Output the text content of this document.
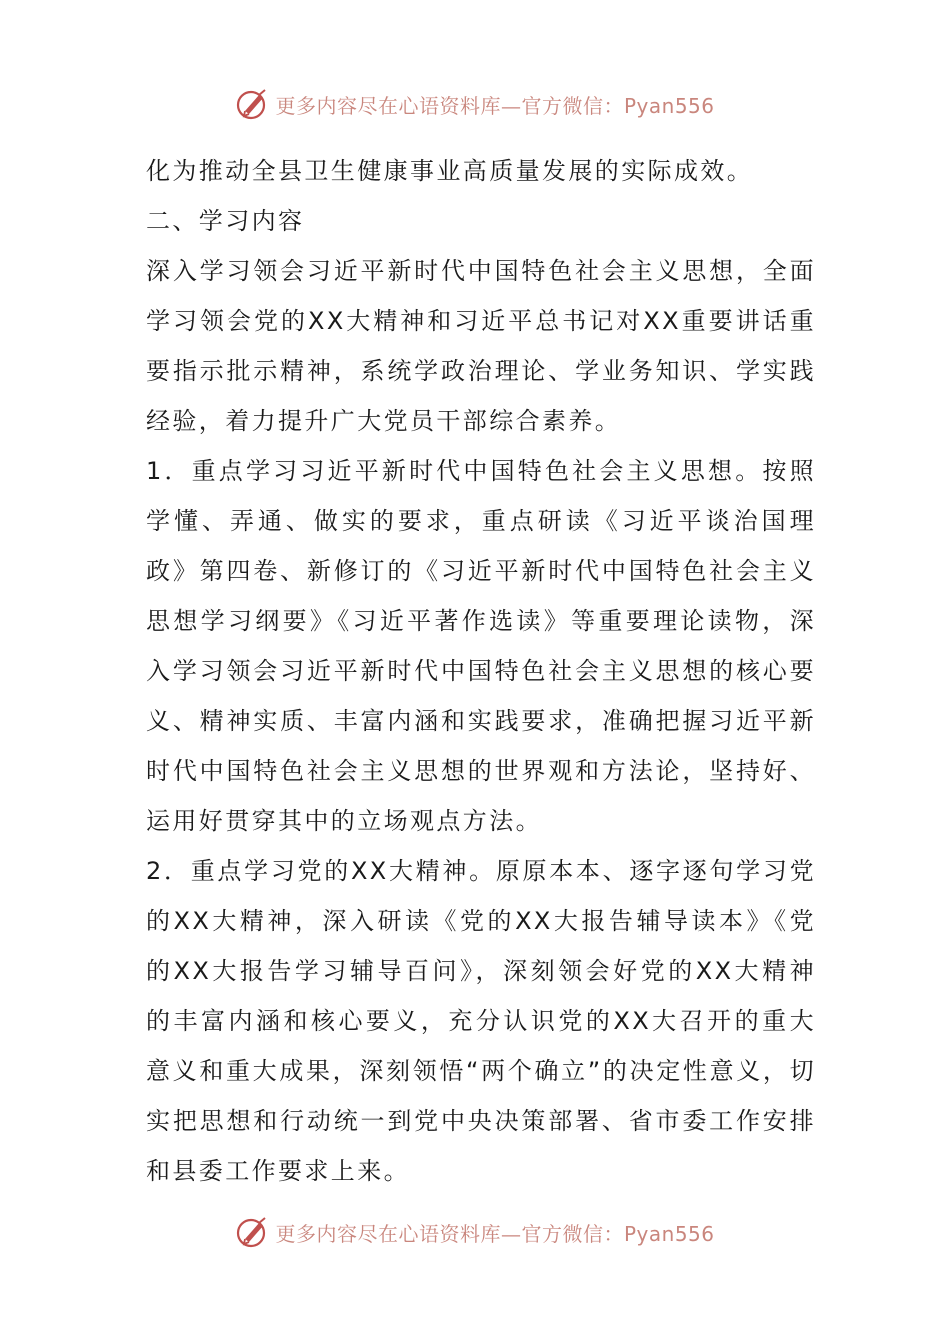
更多内容尽在心语资料库—官方微信：Pyan556

化为推动全县卫生健康事业高质量发展的实际成效。

二、学习内容

深入学习领会习近平新时代中国特色社会主义思想，全面学习领会党的XX大精神和习近平总书记对XX重要讲话重要指示批示精神，系统学政治理论、学业务知识、学实践经验，着力提升广大党员干部综合素养。

1．重点学习习近平新时代中国特色社会主义思想。按照学懂、弄通、做实的要求，重点研读《习近平谈治国理政》第四卷、新修订的《习近平新时代中国特色社会主义思想学习纲要》《习近平著作选读》等重要理论读物，深入学习领会习近平新时代中国特色社会主义思想的核心要义、精神实质、丰富内涵和实践要求，准确把握习近平新时代中国特色社会主义思想的世界观和方法论，坚持好、运用好贯穿其中的立场观点方法。

2．重点学习党的XX大精神。原原本本、逐字逐句学习党的XX大精神，深入研读《党的XX大报告辅导读本》《党的XX大报告学习辅导百问》，深刻领会好党的XX大精神的丰富内涵和核心要义，充分认识党的XX大召开的重大意义和重大成果，深刻领悟“两个确立”的决定性意义，切实把思想和行动统一到党中央决策部署、省市委工作安排和县委工作要求上来。

更多内容尽在心语资料库—官方微信：Pyan556
